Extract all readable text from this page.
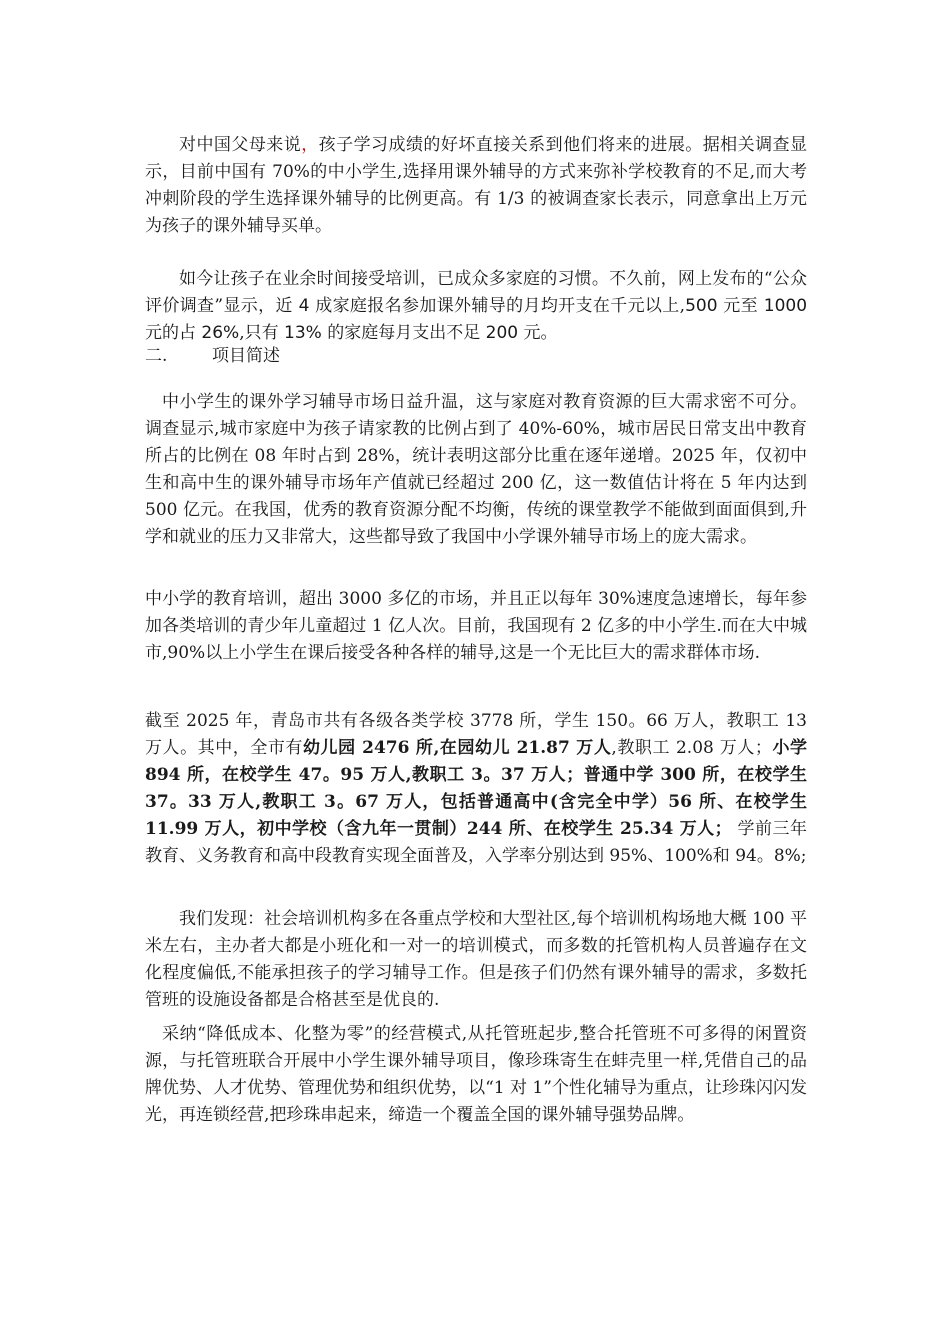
对中国父母来说，孩子学习成绩的好坏直接关系到他们将来的进展。据相关调查显示，目前中国有 70%的中小学生,选择用课外辅导的方式来弥补学校教育的不足,而大考冲刺阶段的学生选择课外辅导的比例更高。有 1/3 的被调查家长表示，同意拿出上万元为孩子的课外辅导买单。

如今让孩子在业余时间接受培训，已成众多家庭的习惯。不久前，网上发布的“公众评价调查”显示，近 4 成家庭报名参加课外辅导的月均开支在千元以上,500 元至 1000 元的占 26%,只有 13% 的家庭每月支出不足 200 元。

二.	项目简述

中小学生的课外学习辅导市场日益升温，这与家庭对教育资源的巨大需求密不可分。调查显示,城市家庭中为孩子请家教的比例占到了 40%-60%，城市居民日常支出中教育所占的比例在 08 年时占到 28%，统计表明这部分比重在逐年递增。2025 年，仅初中生和高中生的课外辅导市场年产值就已经超过 200 亿，这一数值估计将在 5 年内达到 500 亿元。在我国，优秀的教育资源分配不均衡，传统的课堂教学不能做到面面俱到,升学和就业的压力又非常大，这些都导致了我国中小学课外辅导市场上的庞大需求。

中小学的教育培训，超出 3000 多亿的市场，并且正以每年 30%速度急速增长，每年参加各类培训的青少年儿童超过 1 亿人次。目前，我国现有 2 亿多的中小学生.而在大中城市,90%以上小学生在课后接受各种各样的辅导,这是一个无比巨大的需求群体市场.

截至 2025 年，青岛市共有各级各类学校 3778 所，学生 150。66 万人，教职工 13 万人。其中，全市有幼儿园 2476 所,在园幼儿 21.87 万人,教职工 2.08 万人；小学 894 所，在校学生 47。95 万人,教职工 3。37 万人；普通中学 300 所，在校学生 37。33 万人,教职工 3。67 万人，包括普通高中(含完全中学）56 所、在校学生 11.99 万人，初中学校（含九年一贯制）244 所、在校学生 25.34 万人； 学前三年教育、义务教育和高中段教育实现全面普及，入学率分别达到 95%、100%和 94。8%;

我们发现：社会培训机构多在各重点学校和大型社区,每个培训机构场地大概 100 平米左右，主办者大都是小班化和一对一的培训模式，而多数的托管机构人员普遍存在文化程度偏低,不能承担孩子的学习辅导工作。但是孩子们仍然有课外辅导的需求，多数托管班的设施设备都是合格甚至是优良的.

采纳“降低成本、化整为零”的经营模式,从托管班起步,整合托管班不可多得的闲置资源，与托管班联合开展中小学生课外辅导项目，像珍珠寄生在蚌壳里一样,凭借自己的品牌优势、人才优势、管理优势和组织优势，以“1 对 1”个性化辅导为重点，让珍珠闪闪发光，再连锁经营,把珍珠串起来，缔造一个覆盖全国的课外辅导强势品牌。
